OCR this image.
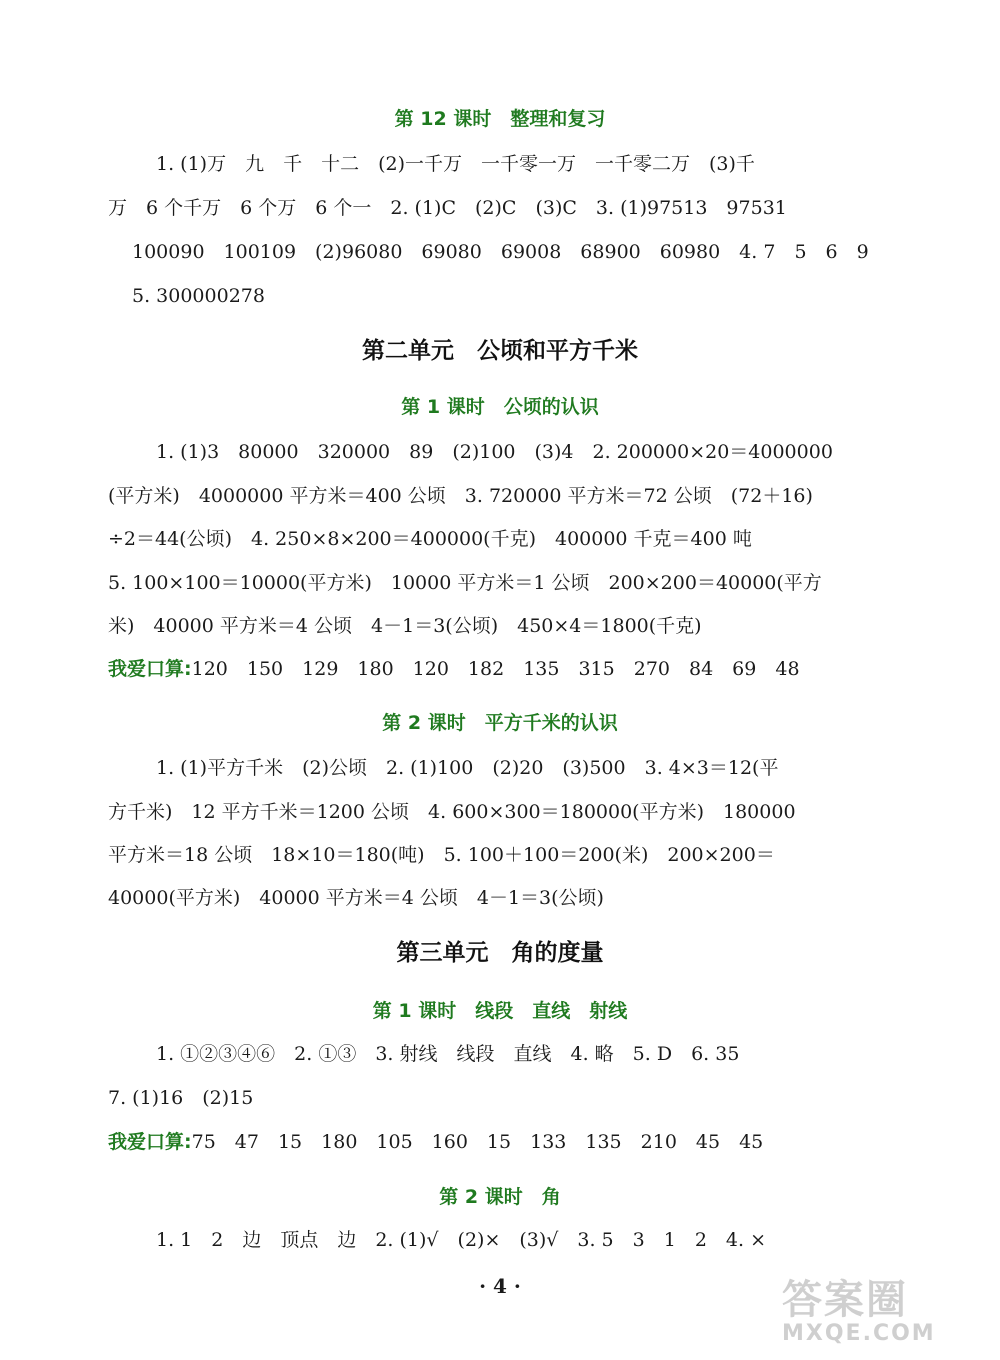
第 12 课时　整理和复习
1. (1)万　九　千　十二　(2)一千万　一千零一万　一千零二万　(3)千
万　6 个千万　6 个万　6 个一　2. (1)C　(2)C　(3)C　3. (1)97513　97531
100090　100109　(2)96080　69080　69008　68900　60980　4. 7　5　6　9
5. 300000278
第二单元　公顷和平方千米
第 1 课时　公顷的认识
1. (1)3　80000　320000　89　(2)100　(3)4　2. 200000×20＝4000000
(平方米)　4000000 平方米＝400 公顷　3. 720000 平方米＝72 公顷　(72＋16)
÷2＝44(公顷)　4. 250×8×200＝400000(千克)　400000 千克＝400 吨
5. 100×100＝10000(平方米)　10000 平方米＝1 公顷　200×200＝40000(平方
米)　40000 平方米＝4 公顷　4－1＝3(公顷)　450×4＝1800(千克)
我爱口算:120　150　129　180　120　182　135　315　270　84　69　48
第 2 课时　平方千米的认识
1. (1)平方千米　(2)公顷　2. (1)100　(2)20　(3)500　3. 4×3＝12(平
方千米)　12 平方千米＝1200 公顷　4. 600×300＝180000(平方米)　180000
平方米＝18 公顷　18×10＝180(吨)　5. 100＋100＝200(米)　200×200＝
40000(平方米)　40000 平方米＝4 公顷　4－1＝3(公顷)
第三单元　角的度量
第 1 课时　线段　直线　射线
1. ①②③④⑥　2. ①③　3. 射线　线段　直线　4. 略　5. D　6. 35
7. (1)16　(2)15
我爱口算:75　47　15　180　105　160　15　133　135　210　45　45
第 2 课时　角
1. 1　2　边　顶点　边　2. (1)√　(2)×　(3)√　3. 5　3　1　2　4. ×
· 4 ·	答案圈
MXQE.COM
